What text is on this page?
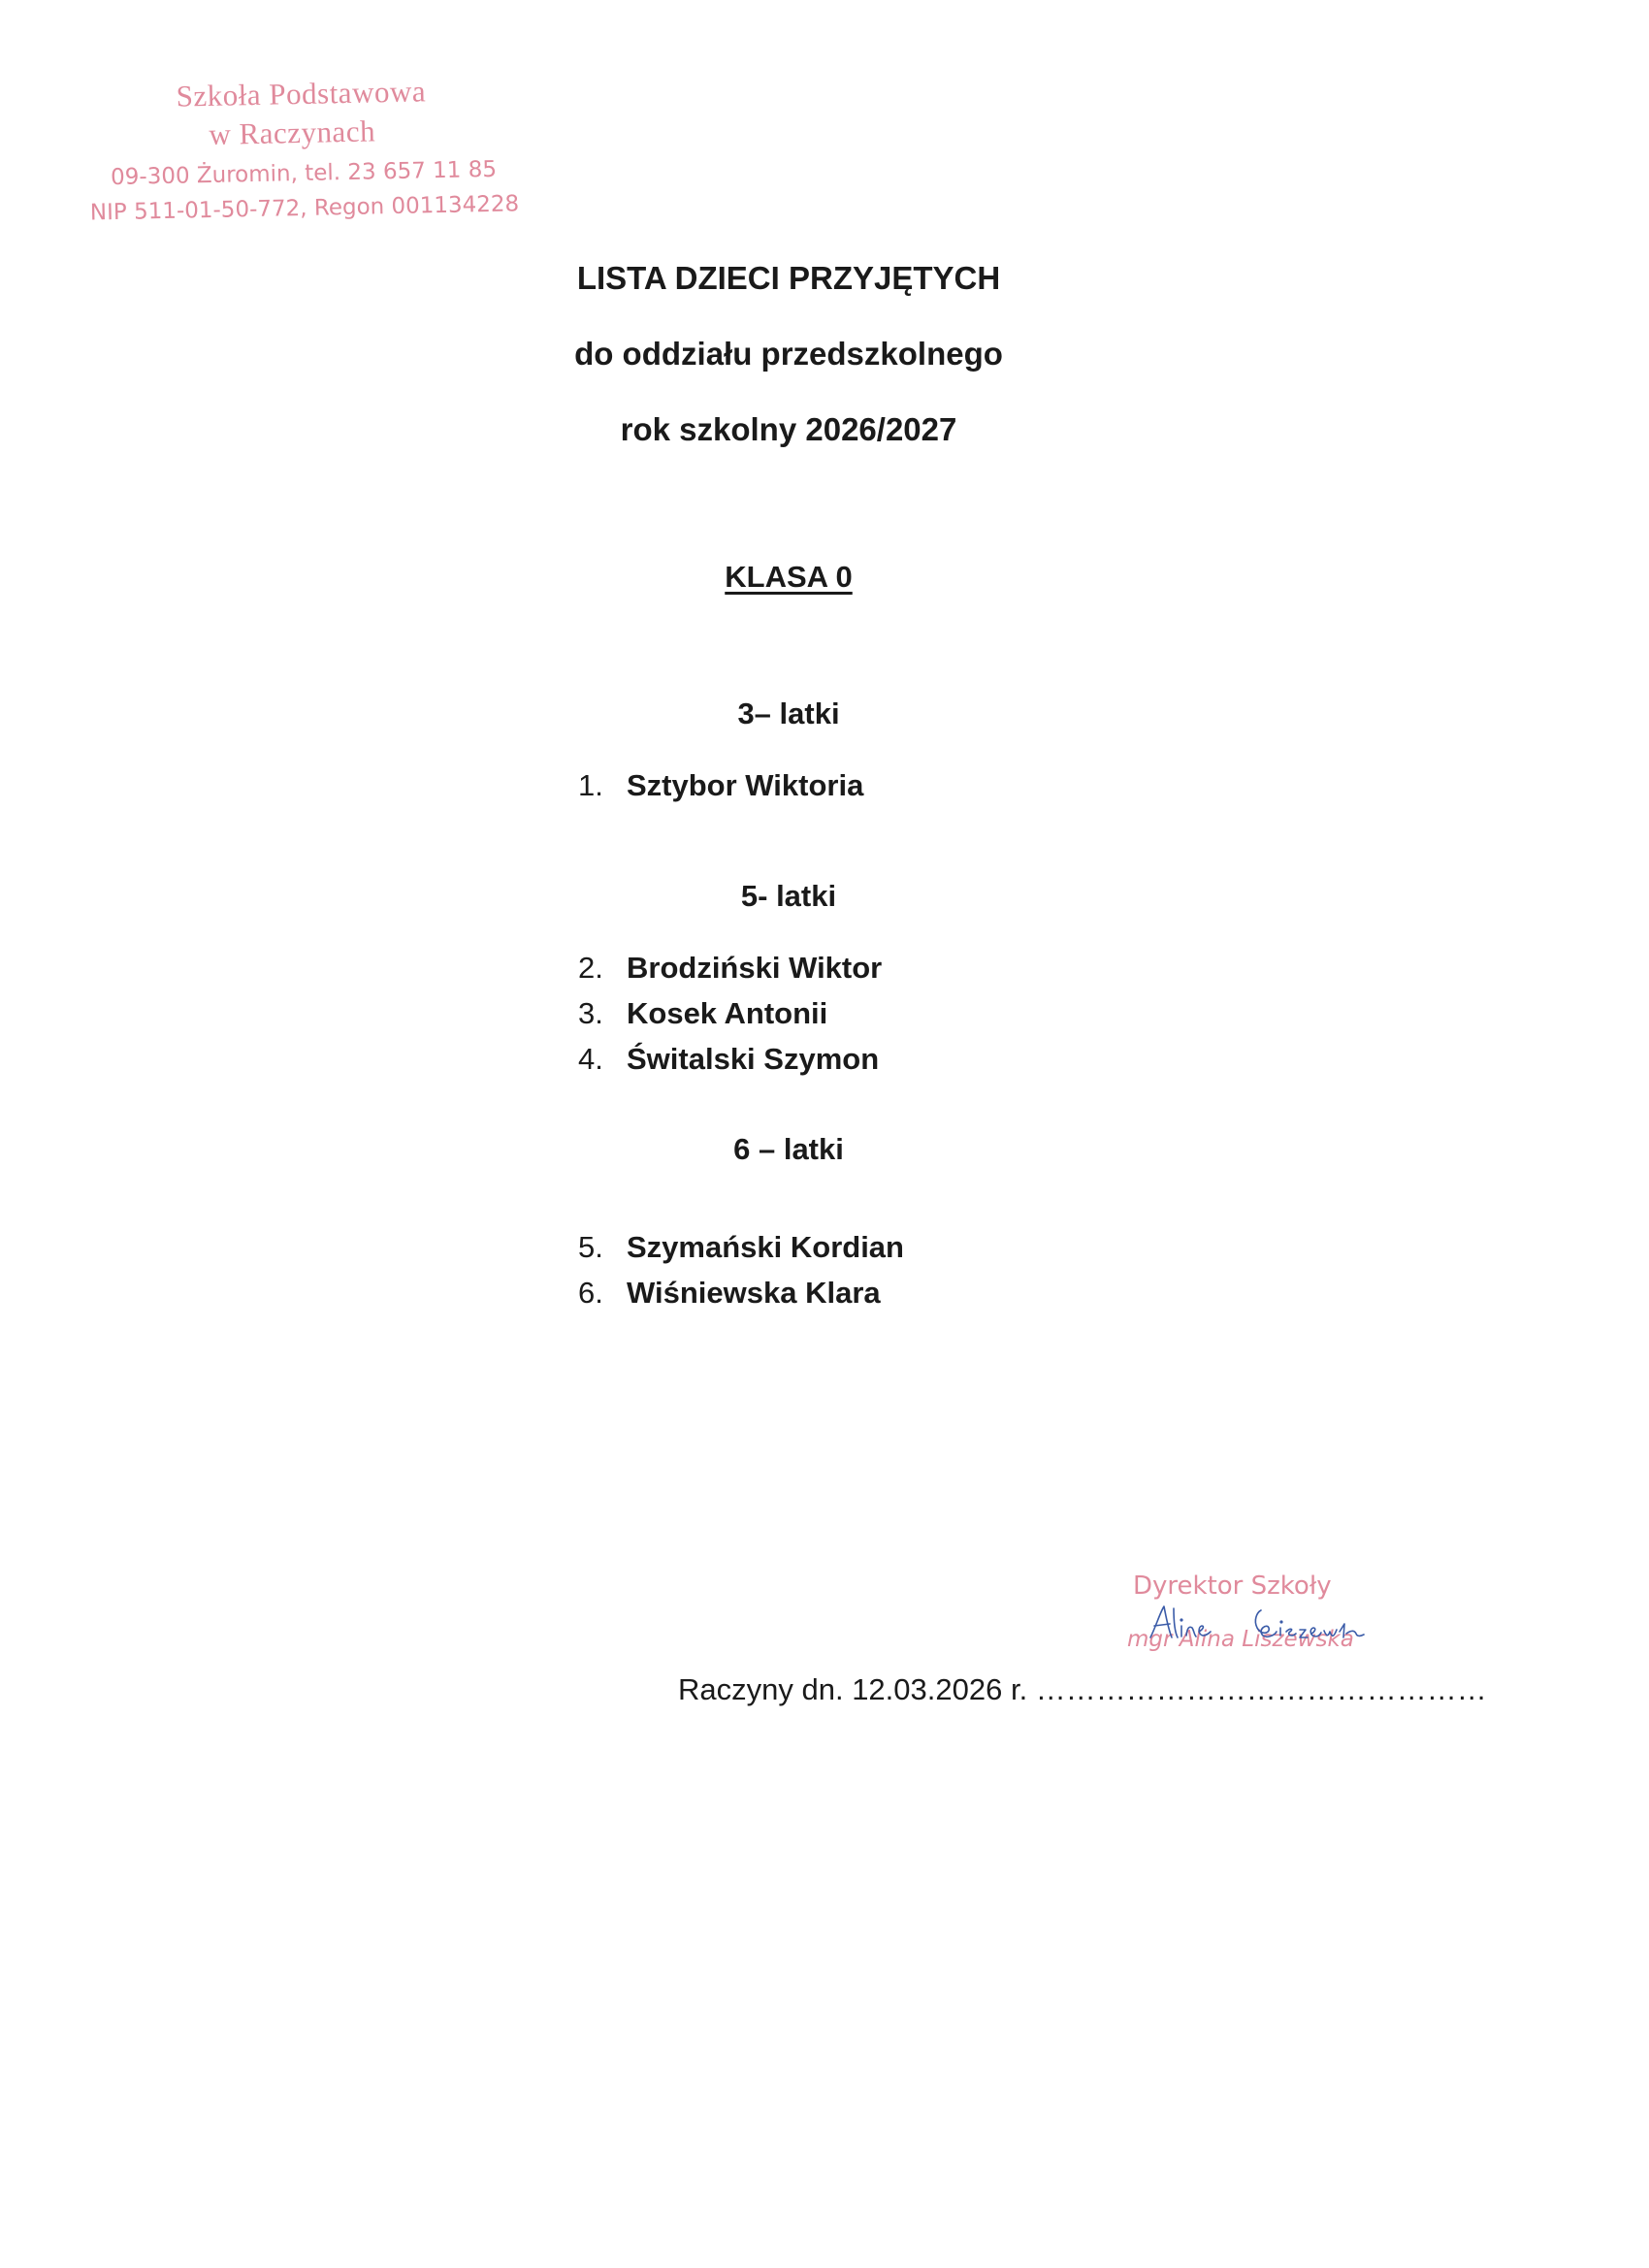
Szkoła Podstawowa
w Raczynach
09-300 Żuromin, tel. 23 657 11 85
NIP 511-01-50-772, Regon 001134228
LISTA DZIECI PRZYJĘTYCH
do oddziału przedszkolnego
rok szkolny 2026/2027
KLASA 0
3– latki
1. Sztybor Wiktoria
5- latki
2. Brodziński Wiktor
3. Kosek Antonii
4. Świtalski Szymon
6 – latki
5. Szymański Kordian
6. Wiśniewska Klara
Dyrektor Szkoły
mgr Alina Liszewska
Raczyny dn. 12.03.2026 r. ………………………………………
